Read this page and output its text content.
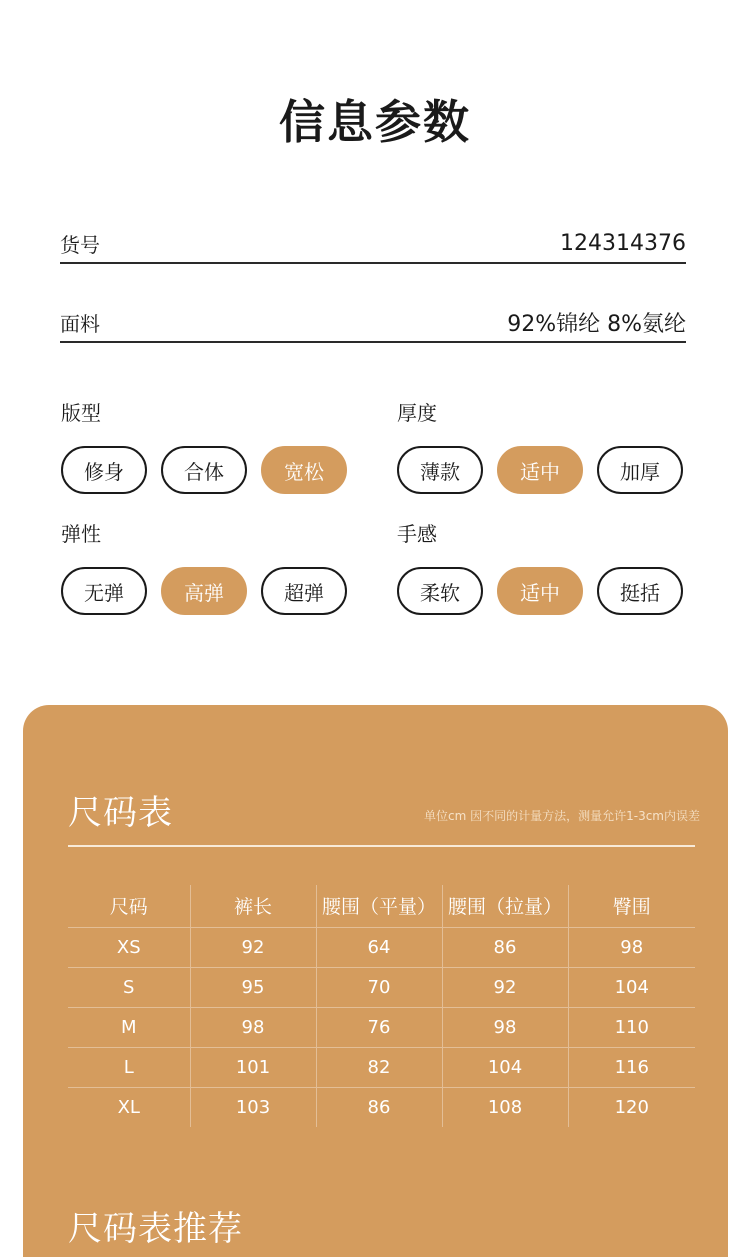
信息参数
货号	124314376
面料	92%锦纶 8%氨纶
版型
修身	合体	宽松
厚度
薄款	适中	加厚
弹性
无弹	高弹	超弹
手感
柔软	适中	挺括
尺码表	单位cm 因不同的计量方法，测量允许1-3cm内误差
尺码	裤长	腰围（平量）	腰围（拉量）	臀围
XS	92	64	86	98
S	95	70	92	104
M	98	76	98	110
L	101	82	104	116
XL	103	86	108	120
尺码表推荐
